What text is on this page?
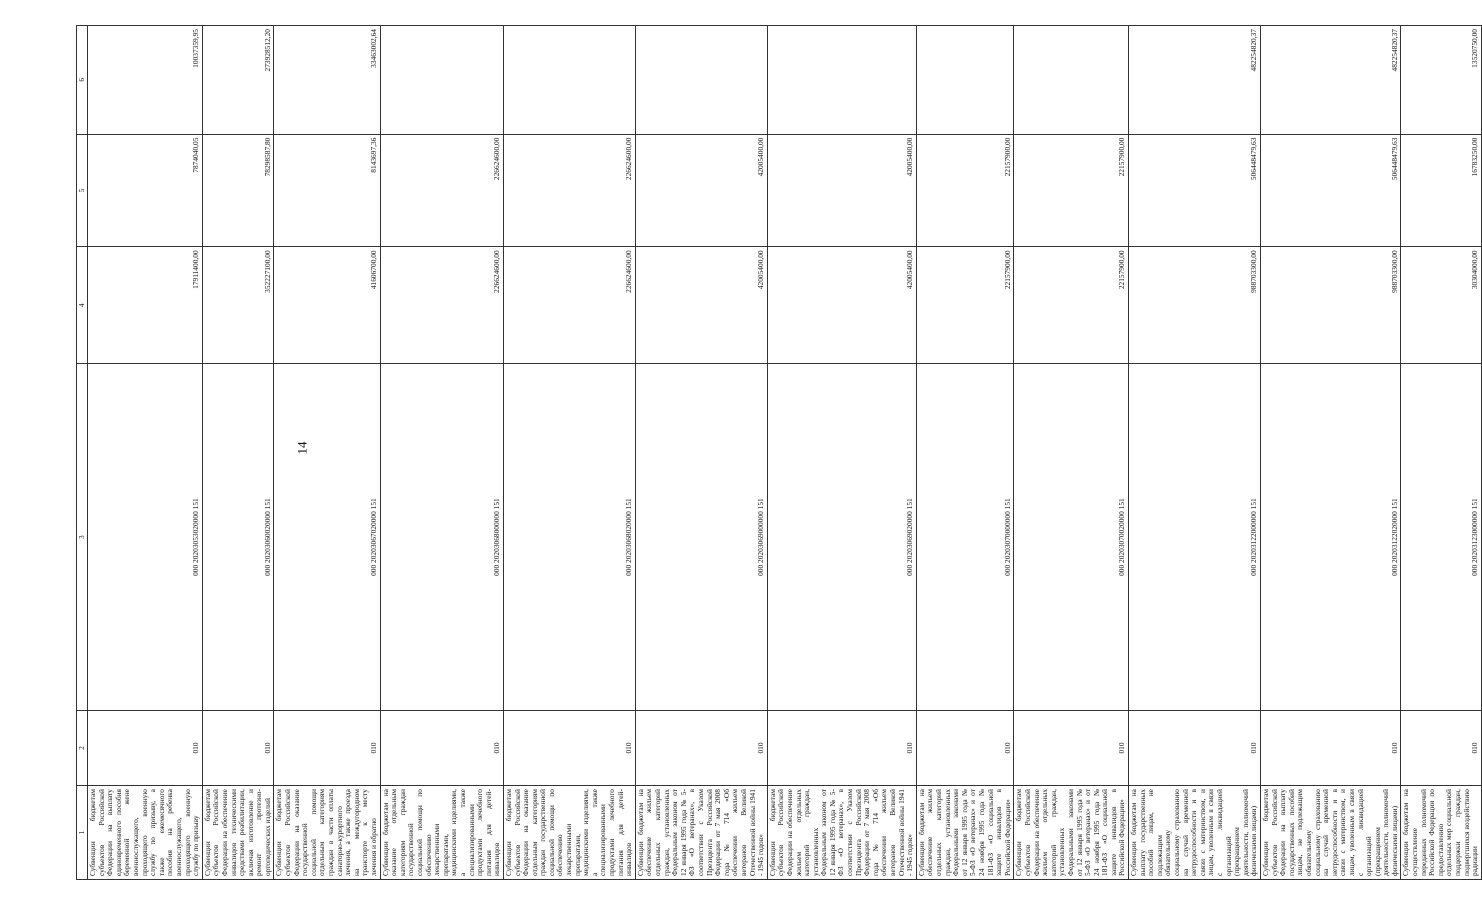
14
1	2	3	4	5	6
Субвенции бюджетам субъектов Российской Федерации на выплату единовременного пособия беременной жене военнослужащего, проходящего военную службу по призыву, а также ежемесячного пособия на ребенка военнослужащего, проходящего военную службу по призыву	010	000 20203053020000 151	17911400,00	7874040,05	10037359,95
Субвенции бюджетам субъектов Российской Федерации на обеспечение инвалидов техническими средствами реабилитации, включая изготовление и ремонт протезно-ортопедических изделий	010	000 20203060020000 151	352227100,00	78298587,80	273928512,20
Субвенции бюджетам субъектов Российской Федерации на оказание государственной социальной помощи отдельным категориям граждан в части оплаты санаторно-курортного лечения, а также проезда на междугородном транспорте к месту лечения и обратно	010	000 20203067020000 151	41606700,00	8143697,36	33463002,64
Субвенции бюджетам на оказание отдельным категориям граждан государственной социальной помощи по обеспечению лекарственными препаратами, медицинскими изделиями, а также специализированными продуктами лечебного питания для детей-инвалидов	010	000 20203068000000 151	226624600,00	226624600,00	
Субвенции бюджетам субъектов Российской Федерации на оказание отдельным категориям граждан государственной социальной помощи по обеспечению лекарственными препаратами, медицинскими изделиями, а также специализированными продуктами лечебного питания для детей-инвалидов	010	000 20203068020000 151	226624600,00	226624600,00	
Субвенции бюджетам на обеспечение жильем отдельных категорий граждан, установленных Федеральным законом от 12 января 1995 года № 5-ФЗ «О ветеранах», в соответствии с Указом Президента Российской Федерации от 7 мая 2008 года № 714 «Об обеспечении жильем ветеранов Великой Отечественной войны 1941 - 1945 годов»	010	000 20203069000000 151	42005400,00	42005400,00	
Субвенции бюджетам субъектов Российской Федерации на обеспечение жильем отдельных категорий граждан, установленных Федеральным законом от 12 января 1995 года № 5-ФЗ «О ветеранах», в соответствии с Указом Президента Российской Федерации от 7 мая 2008 года № 714 «Об обеспечении жильем ветеранов Великой Отечественной войны 1941 - 1945 годов»	010	000 20203069020000 151	42005400,00	42005400,00	
Субвенции бюджетам на обеспечение жильем отдельных категорий граждан, установленных Федеральными законами от 12 января 1995 года № 5-ФЗ «О ветеранах» и от 24 ноября 1995 года № 181-ФЗ «О социальной защите инвалидов в Российской Федерации»	010	000 20203070000000 151	22157900,00	22157900,00	
Субвенции бюджетам субъектов Российской Федерации на обеспечение жильем отдельных категорий граждан, установленных Федеральными законами от 12 января 1995 года № 5-ФЗ «О ветеранах» и от 24 ноября 1995 года № 181-ФЗ «О социальной защите инвалидов в Российской Федерации»	010	000 20203070020000 151	22157900,00	22157900,00	
Субвенции бюджетам на выплату государственных пособий лицам, не подлежащим обязательному социальному страхованию на случай временной нетрудоспособности и в связи с материнством, и лицам, уволенным в связи с ликвидацией организаций (прекращением деятельности, полномочий физическими лицами)	010	000 20203122000000 151	988703300,00	506448479,63	482254820,37
Субвенции бюджетам субъектов Российской Федерации на выплату государственных пособий лицам, не подлежащим обязательному социальному страхованию на случай временной нетрудоспособности и в связи с материнством, и лицам, уволенным в связи с ликвидацией организаций (прекращением деятельности, полномочий физическими лицами)	010	000 20203122020000 151	988703300,00	506448479,63	482254820,37
Субвенции бюджетам на осуществление переданных полномочий Российской Федерации по предоставлению отдельных мер социальной поддержки граждан, подвергшихся воздействию радиации	010	000 20203123000000 151	30304000,00	16783250,00	13520750,00
